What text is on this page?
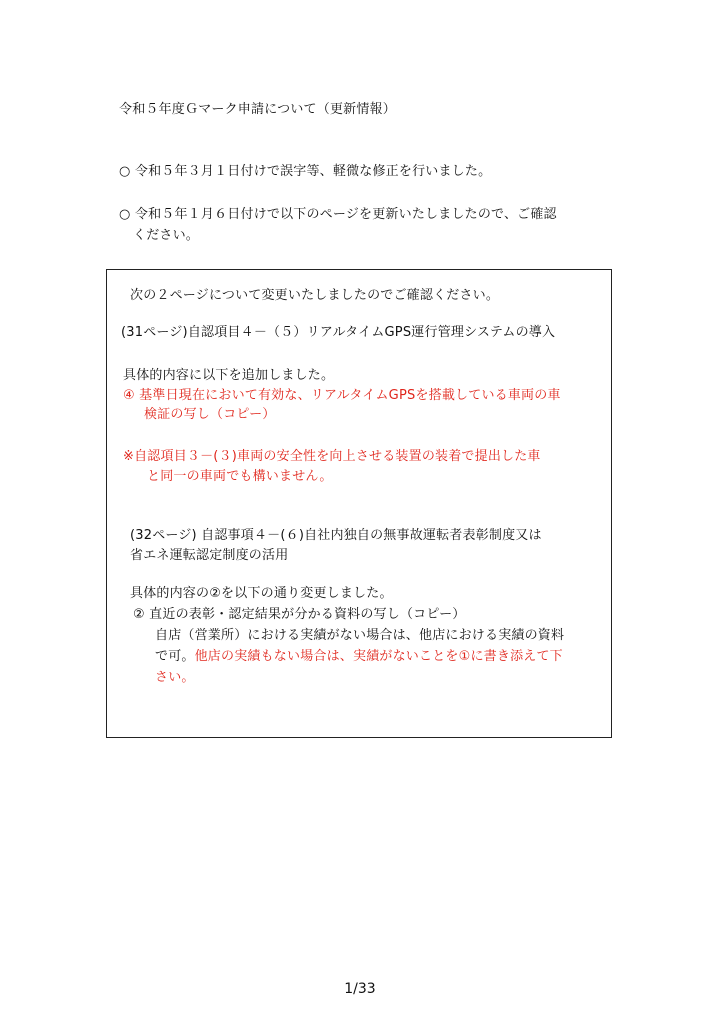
令和５年度Ｇマーク申請について（更新情報）
○ 令和５年３月１日付けで誤字等、軽微な修正を行いました。
○ 令和５年１月６日付けで以下のページを更新いたしましたので、ご確認
ください。
次の２ページについて変更いたしましたのでご確認ください。
(31ページ)自認項目４－（５）リアルタイムGPS運行管理システムの導入
具体的内容に以下を追加しました。
④ 基準日現在において有効な、リアルタイムGPSを搭載している車両の車
検証の写し（コピー）
※自認項目３－(３)車両の安全性を向上させる装置の装着で提出した車
と同一の車両でも構いません。
(32ページ) 自認事項４－(６)自社内独自の無事故運転者表彰制度又は
省エネ運転認定制度の活用
具体的内容の②を以下の通り変更しました。
② 直近の表彰・認定結果が分かる資料の写し（コピー）
自店（営業所）における実績がない場合は、他店における実績の資料
で可。他店の実績もない場合は、実績がないことを①に書き添えて下
さい。
1/33
